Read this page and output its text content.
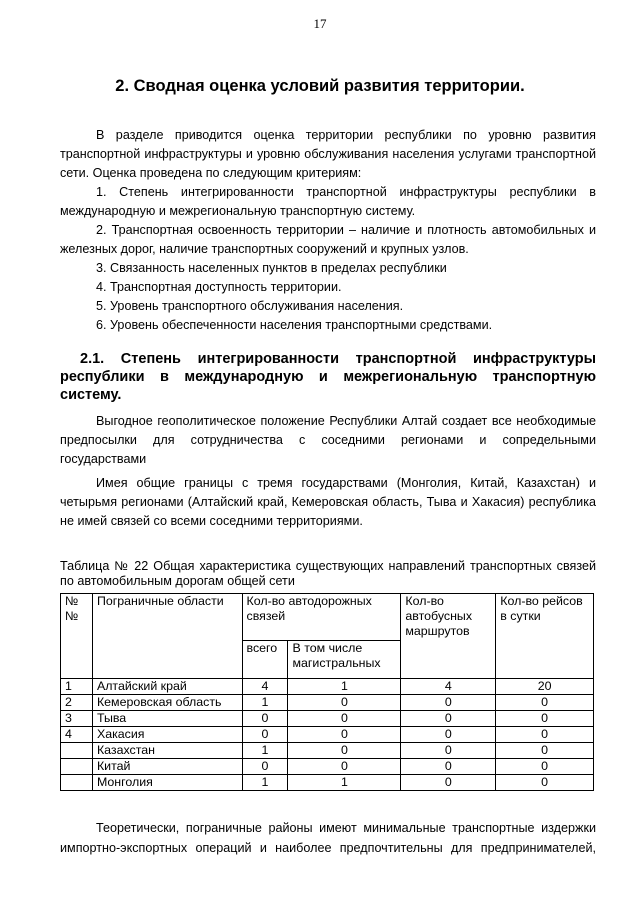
17
2. Сводная оценка условий развития территории.

В разделе приводится оценка территории республики по уровню развития

транспортной инфраструктуры и уровню обслуживания населения услугами транспортной

сети. Оценка проведена по следующим критериям:

1. Степень интегрированности транспортной инфраструктуры республики в

международную и межрегиональную транспортную систему.

2. Транспортная освоенность территории – наличие и плотность автомобильных и

железных дорог, наличие транспортных сооружений и крупных узлов.

3. Связанность населенных пунктов в пределах республики

4. Транспортная доступность территории.

5. Уровень транспортного обслуживания населения.

6. Уровень обеспеченности населения транспортными средствами.

2.1. Степень интегрированности транспортной инфраструктуры

республики в международную и межрегиональную транспортную

систему.

Выгодное геополитическое положение Республики Алтай создает все необходимые

предпосылки для сотрудничества с соседними регионами и сопредельными

государствами

Имея общие границы с тремя государствами (Монголия, Китай, Казахстан) и

четырьмя регионами (Алтайский край, Кемеровская область, Тыва и Хакасия) республика

не имей связей со всеми соседними территориями.

Таблица № 22 Общая характеристика существующих направлений транспортных связей

по автомобильным дорогам общей сети

№№	Пограничные области	Кол-во автодорожных связей		Кол-во автобусных маршрутов	Кол-во рейсов в сутки
		всего	В том числе магистральных		
1	Алтайский край	4	1	4	20
2	Кемеровская область	1	0	0	0
3	Тыва	0	0	0	0
4	Хакасия	0	0	0	0
	Казахстан	1	0	0	0
	Китай	0	0	0	0
	Монголия	1	1	0	0

Теоретически, пограничные районы имеют минимальные транспортные издержки

импортно-экспортных операций и наиболее предпочтительны для предпринимателей,
